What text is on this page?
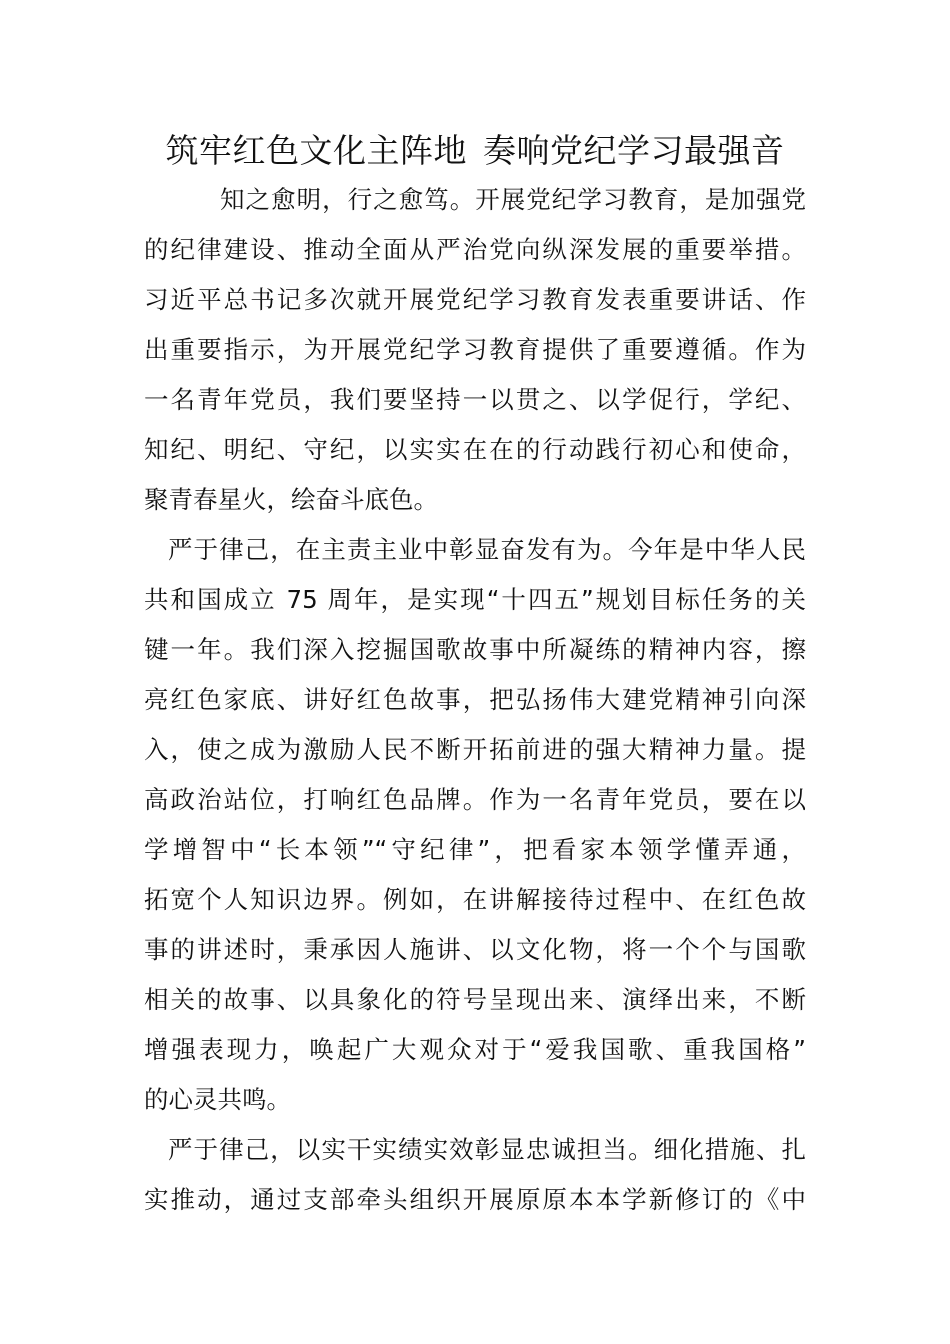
筑牢红色文化主阵地 奏响党纪学习最强音
知之愈明，行之愈笃。开展党纪学习教育，是加强党
的纪律建设、推动全面从严治党向纵深发展的重要举措。
习近平总书记多次就开展党纪学习教育发表重要讲话、作
出重要指示，为开展党纪学习教育提供了重要遵循。作为
一名青年党员，我们要坚持一以贯之、以学促行，学纪、
知纪、明纪、守纪，以实实在在的行动践行初心和使命，
聚青春星火，绘奋斗底色。
严于律己，在主责主业中彰显奋发有为。今年是中华人民
共和国成立 75 周年，是实现“十四五”规划目标任务的关
键一年。我们深入挖掘国歌故事中所凝练的精神内容，擦
亮红色家底、讲好红色故事，把弘扬伟大建党精神引向深
入，使之成为激励人民不断开拓前进的强大精神力量。提
高政治站位，打响红色品牌。作为一名青年党员，要在以
学增智中“长本领”“守纪律”，把看家本领学懂弄通，
拓宽个人知识边界。例如，在讲解接待过程中、在红色故
事的讲述时，秉承因人施讲、以文化物，将一个个与国歌
相关的故事、以具象化的符号呈现出来、演绎出来，不断
增强表现力，唤起广大观众对于“爱我国歌、重我国格”
的心灵共鸣。
严于律己，以实干实绩实效彰显忠诚担当。细化措施、扎
实推动，通过支部牵头组织开展原原本本学新修订的《中
